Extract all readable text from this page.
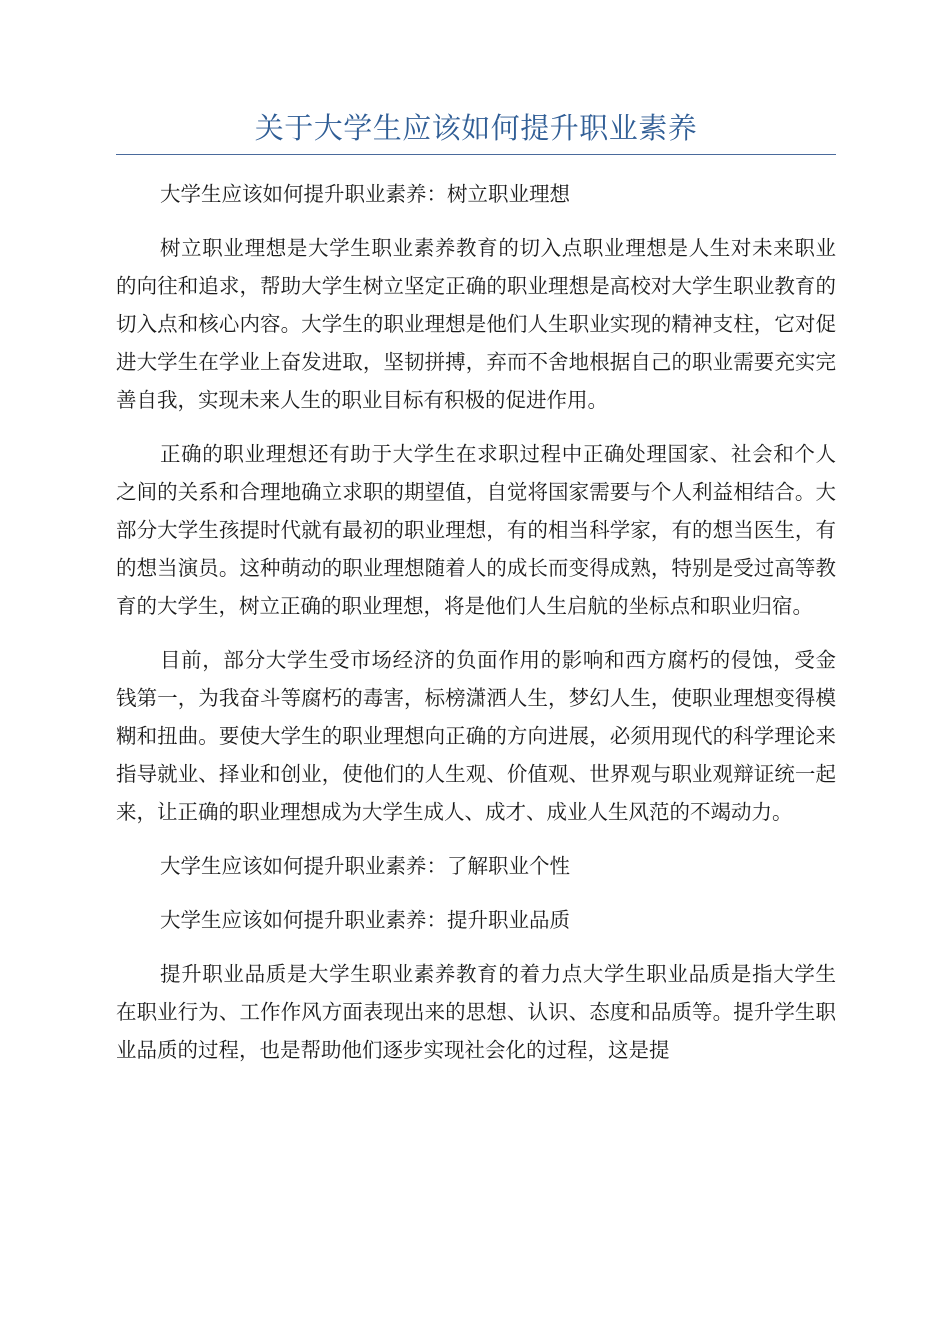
关于大学生应该如何提升职业素养
大学生应该如何提升职业素养：树立职业理想
树立职业理想是大学生职业素养教育的切入点职业理想是人生对未来职业的向往和追求，帮助大学生树立坚定正确的职业理想是高校对大学生职业教育的切入点和核心内容。大学生的职业理想是他们人生职业实现的精神支柱，它对促进大学生在学业上奋发进取，坚韧拼搏，弃而不舍地根据自己的职业需要充实完善自我，实现未来人生的职业目标有积极的促进作用。
正确的职业理想还有助于大学生在求职过程中正确处理国家、社会和个人之间的关系和合理地确立求职的期望值，自觉将国家需要与个人利益相结合。大部分大学生孩提时代就有最初的职业理想，有的相当科学家，有的想当医生，有的想当演员。这种萌动的职业理想随着人的成长而变得成熟，特别是受过高等教育的大学生，树立正确的职业理想，将是他们人生启航的坐标点和职业归宿。
目前，部分大学生受市场经济的负面作用的影响和西方腐朽的侵蚀，受金钱第一，为我奋斗等腐朽的毒害，标榜潇洒人生，梦幻人生，使职业理想变得模糊和扭曲。要使大学生的职业理想向正确的方向进展，必须用现代的科学理论来指导就业、择业和创业，使他们的人生观、价值观、世界观与职业观辩证统一起来，让正确的职业理想成为大学生成人、成才、成业人生风范的不竭动力。
大学生应该如何提升职业素养：了解职业个性
大学生应该如何提升职业素养：提升职业品质
提升职业品质是大学生职业素养教育的着力点大学生职业品质是指大学生在职业行为、工作作风方面表现出来的思想、认识、态度和品质等。提升学生职业品质的过程，也是帮助他们逐步实现社会化的过程，这是提
